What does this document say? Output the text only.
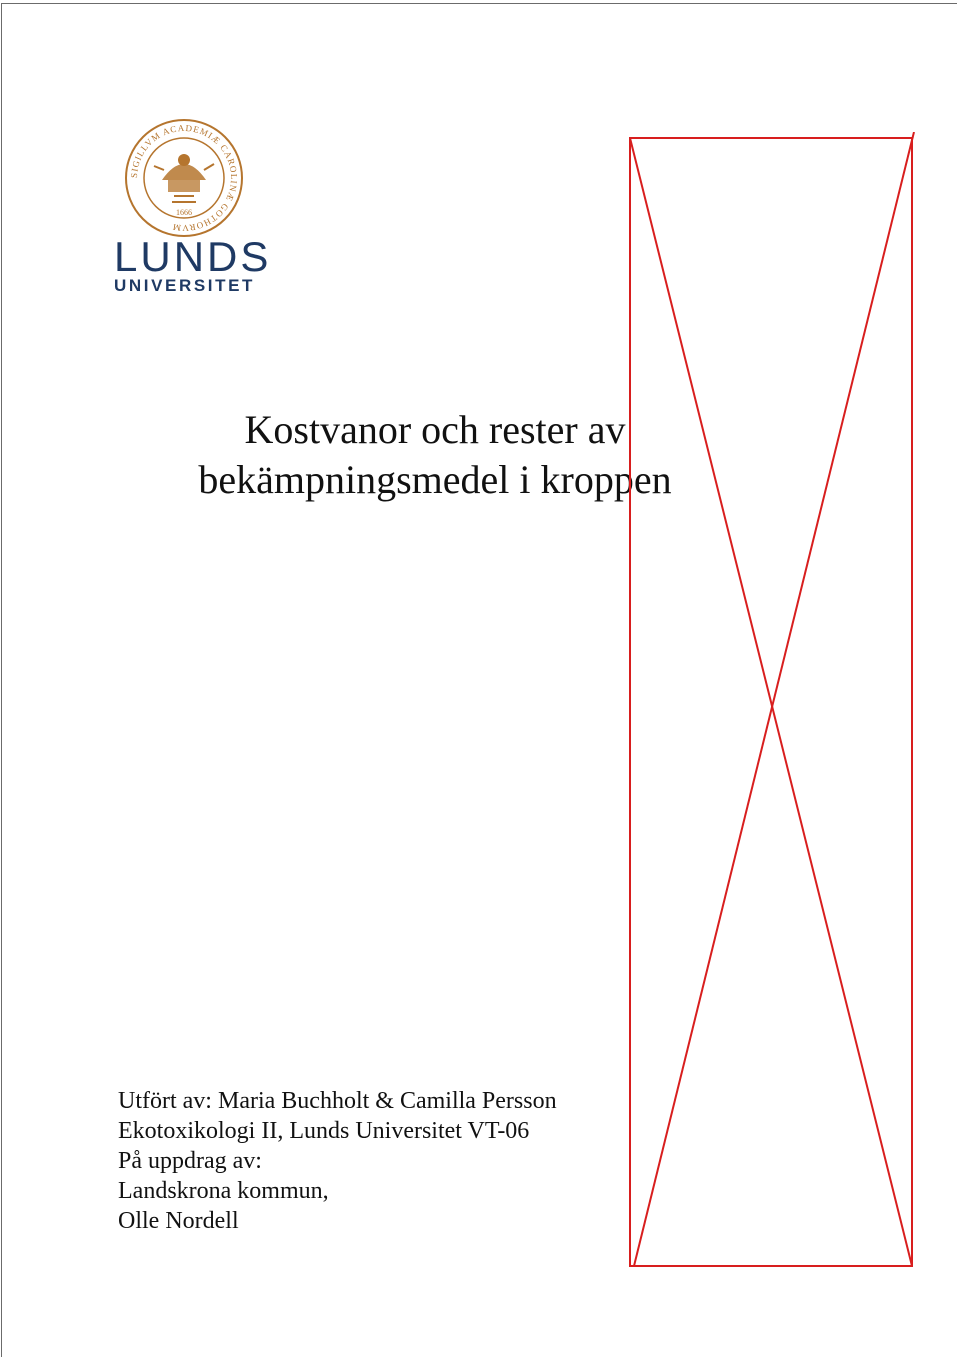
SIGILLVM ACADEMIÆ CAROLINÆ GOTHORVM
1666
LUNDS
UNIVERSITET
Kostvanor och rester av
bekämpningsmedel i kroppen
Utfört av: Maria Buchholt & Camilla Persson
Ekotoxikologi II, Lunds Universitet VT-06
På uppdrag av:
Landskrona kommun,
Olle Nordell
